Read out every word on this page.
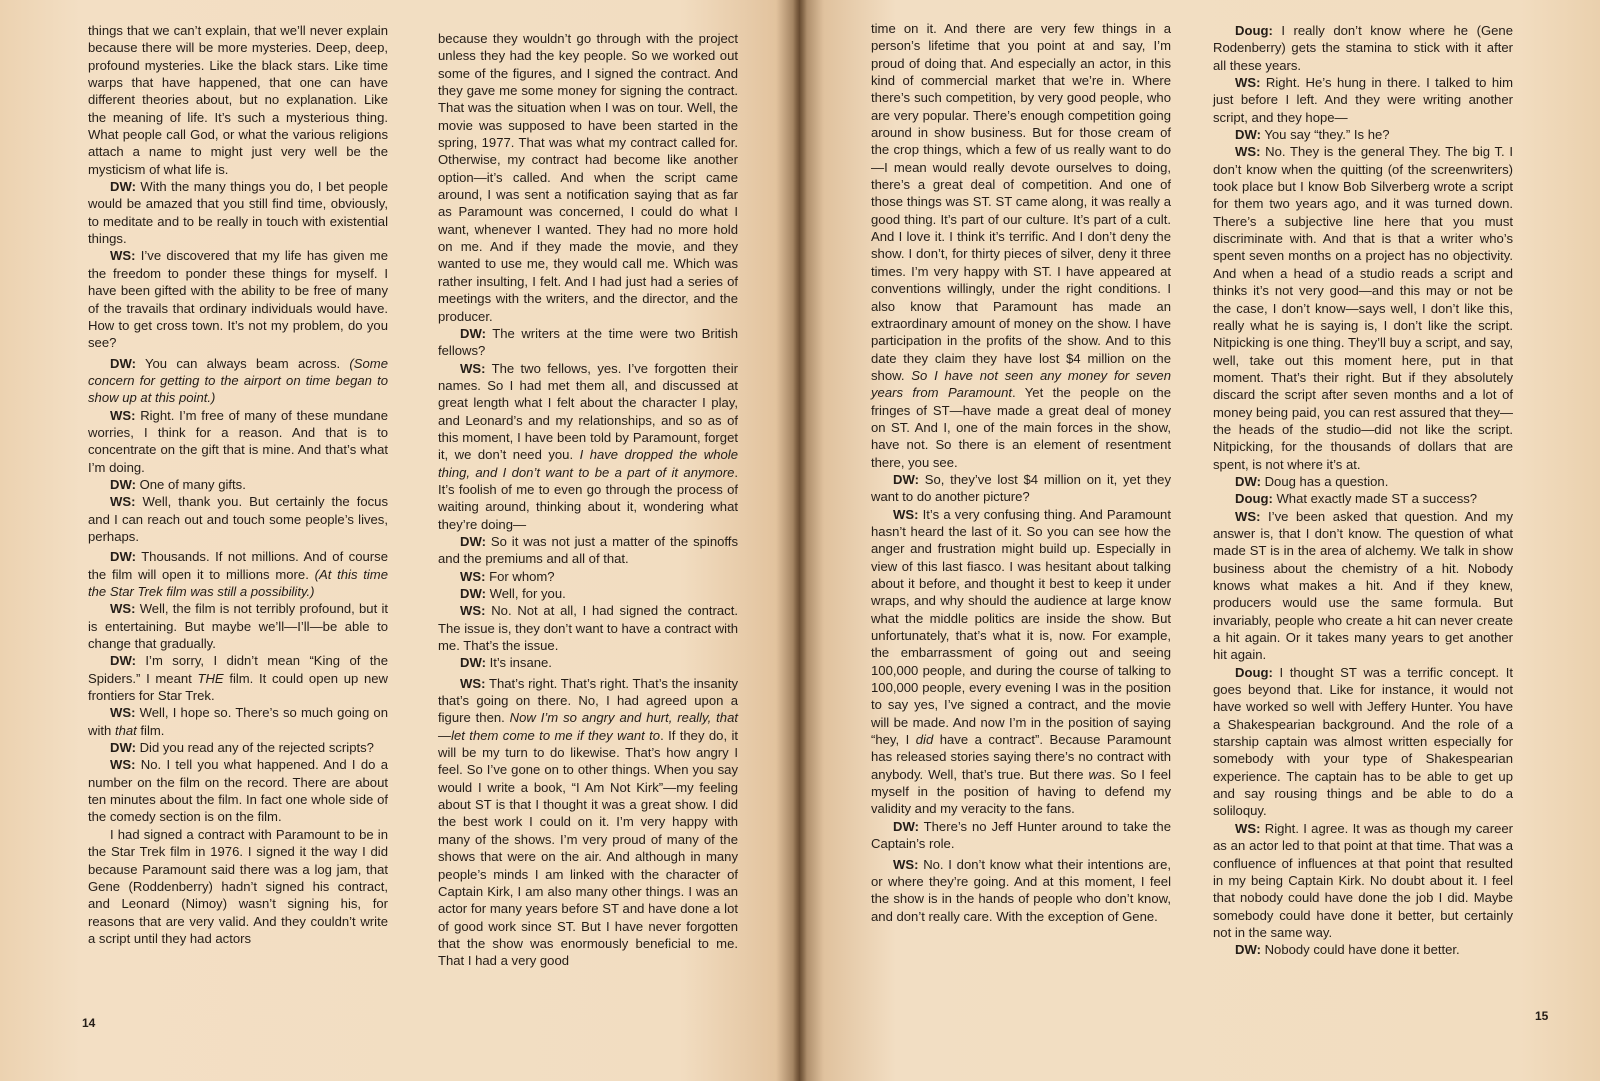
things that we can’t explain, that we’ll never explain because there will be more mysteries. Deep, deep, profound mysteries. Like the black stars. Like time warps that have happened, that one can have different theories about, but no explanation. Like the meaning of life. It’s such a mysterious thing. What people call God, or what the various religions attach a name to might just very well be the mysticism of what life is.

DW: With the many things you do, I bet people would be amazed that you still find time, obviously, to meditate and to be really in touch with existential things.

WS: I’ve discovered that my life has given me the freedom to ponder these things for myself. I have been gifted with the ability to be free of many of the travails that ordinary individuals would have. How to get cross town. It’s not my problem, do you see?

DW: You can always beam across. (Some concern for getting to the airport on time began to show up at this point.)

WS: Right. I’m free of many of these mundane worries, I think for a reason. And that is to concentrate on the gift that is mine. And that’s what I’m doing.

DW: One of many gifts.

WS: Well, thank you. But certainly the focus and I can reach out and touch some people’s lives, perhaps.

DW: Thousands. If not millions. And of course the film will open it to millions more. (At this time the Star Trek film was still a possibility.)

WS: Well, the film is not terribly profound, but it is entertaining. But maybe we’ll—I’ll—be able to change that gradually.

DW: I’m sorry, I didn’t mean “King of the Spiders.” I meant THE film. It could open up new frontiers for Star Trek.

WS: Well, I hope so. There’s so much going on with that film.

DW: Did you read any of the rejected scripts?

WS: No. I tell you what happened. And I do a number on the film on the record. There are about ten minutes about the film. In fact one whole side of the comedy section is on the film.

I had signed a contract with Paramount to be in the Star Trek film in 1976. I signed it the way I did because Paramount said there was a log jam, that Gene (Roddenberry) hadn’t signed his contract, and Leonard (Nimoy) wasn’t signing his, for reasons that are very valid. And they couldn’t write a script until they had actors

because they wouldn’t go through with the project unless they had the key people. So we worked out some of the figures, and I signed the contract. And they gave me some money for signing the contract. That was the situation when I was on tour. Well, the movie was supposed to have been started in the spring, 1977. That was what my contract called for. Otherwise, my contract had become like another option—it’s called. And when the script came around, I was sent a notification saying that as far as Paramount was concerned, I could do what I want, whenever I wanted. They had no more hold on me. And if they made the movie, and they wanted to use me, they would call me. Which was rather insulting, I felt. And I had just had a series of meetings with the writers, and the director, and the producer.

DW: The writers at the time were two British fellows?

WS: The two fellows, yes. I’ve forgotten their names. So I had met them all, and discussed at great length what I felt about the character I play, and Leonard’s and my relationships, and so as of this moment, I have been told by Paramount, forget it, we don’t need you. I have dropped the whole thing, and I don’t want to be a part of it anymore. It’s foolish of me to even go through the process of waiting around, thinking about it, wondering what they’re doing—

DW: So it was not just a matter of the spinoffs and the premiums and all of that.

WS: For whom?

DW: Well, for you.

WS: No. Not at all, I had signed the contract. The issue is, they don’t want to have a contract with me. That’s the issue.

DW: It’s insane.

WS: That’s right. That’s right. That’s the insanity that’s going on there. No, I had agreed upon a figure then. Now I’m so angry and hurt, really, that—let them come to me if they want to. If they do, it will be my turn to do likewise. That’s how angry I feel. So I’ve gone on to other things. When you say would I write a book, “I Am Not Kirk”—my feeling about ST is that I thought it was a great show. I did the best work I could on it. I’m very happy with many of the shows. I’m very proud of many of the shows that were on the air. And although in many people’s minds I am linked with the character of Captain Kirk, I am also many other things. I was an actor for many years before ST and have done a lot of good work since ST. But I have never forgotten that the show was enormously beneficial to me. That I had a very good

14

time on it. And there are very few things in a person’s lifetime that you point at and say, I’m proud of doing that. And especially an actor, in this kind of commercial market that we’re in. Where there’s such competition, by very good people, who are very popular. There’s enough competition going around in show business. But for those cream of the crop things, which a few of us really want to do—I mean would really devote ourselves to doing, there’s a great deal of competition. And one of those things was ST. ST came along, it was really a good thing. It’s part of our culture. It’s part of a cult. And I love it. I think it’s terrific. And I don’t deny the show. I don’t, for thirty pieces of silver, deny it three times. I’m very happy with ST. I have appeared at conventions willingly, under the right conditions. I also know that Paramount has made an extraordinary amount of money on the show. I have participation in the profits of the show. And to this date they claim they have lost $4 million on the show. So I have not seen any money for seven years from Paramount. Yet the people on the fringes of ST—have made a great deal of money on ST. And I, one of the main forces in the show, have not. So there is an element of resentment there, you see.

DW: So, they’ve lost $4 million on it, yet they want to do another picture?

WS: It’s a very confusing thing. And Paramount hasn’t heard the last of it. So you can see how the anger and frustration might build up. Especially in view of this last fiasco. I was hesitant about talking about it before, and thought it best to keep it under wraps, and why should the audience at large know what the middle politics are inside the show. But unfortunately, that’s what it is, now. For example, the embarrassment of going out and seeing 100,000 people, and during the course of talking to 100,000 people, every evening I was in the position to say yes, I’ve signed a contract, and the movie will be made. And now I’m in the position of saying “hey, I did have a contract”. Because Paramount has released stories saying there’s no contract with anybody. Well, that’s true. But there was. So I feel myself in the position of having to defend my validity and my veracity to the fans.

DW: There’s no Jeff Hunter around to take the Captain’s role.

WS: No. I don’t know what their intentions are, or where they’re going. And at this moment, I feel the show is in the hands of people who don’t know, and don’t really care. With the exception of Gene.

Doug: I really don’t know where he (Gene Rodenberry) gets the stamina to stick with it after all these years.

WS: Right. He’s hung in there. I talked to him just before I left. And they were writing another script, and they hope—

DW: You say “they.” Is he?

WS: No. They is the general They. The big T. I don’t know when the quitting (of the screenwriters) took place but I know Bob Silverberg wrote a script for them two years ago, and it was turned down. There’s a subjective line here that you must discriminate with. And that is that a writer who’s spent seven months on a project has no objectivity. And when a head of a studio reads a script and thinks it’s not very good—and this may or not be the case, I don’t know—says well, I don’t like this, really what he is saying is, I don’t like the script. Nitpicking is one thing. They’ll buy a script, and say, well, take out this moment here, put in that moment. That’s their right. But if they absolutely discard the script after seven months and a lot of money being paid, you can rest assured that they—the heads of the studio—did not like the script. Nitpicking, for the thousands of dollars that are spent, is not where it’s at.

DW: Doug has a question.

Doug: What exactly made ST a success?

WS: I’ve been asked that question. And my answer is, that I don’t know. The question of what made ST is in the area of alchemy. We talk in show business about the chemistry of a hit. Nobody knows what makes a hit. And if they knew, producers would use the same formula. But invariably, people who create a hit can never create a hit again. Or it takes many years to get another hit again.

Doug: I thought ST was a terrific concept. It goes beyond that. Like for instance, it would not have worked so well with Jeffery Hunter. You have a Shakespearian background. And the role of a starship captain was almost written especially for somebody with your type of Shakespearian experience. The captain has to be able to get up and say rousing things and be able to do a soliloquy.

WS: Right. I agree. It was as though my career as an actor led to that point at that time. That was a confluence of influences at that point that resulted in my being Captain Kirk. No doubt about it. I feel that nobody could have done the job I did. Maybe somebody could have done it better, but certainly not in the same way.

DW: Nobody could have done it better.

15
